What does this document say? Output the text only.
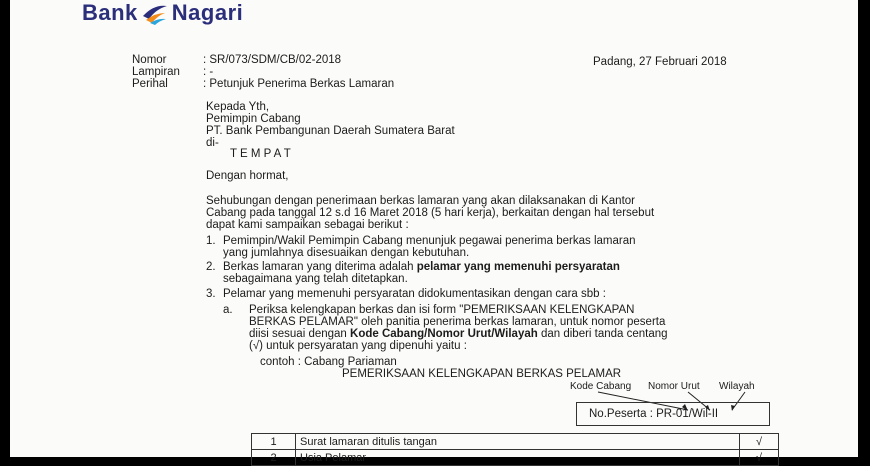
Bank Nagari
Nomor	: SR/073/SDM/CB/02-2018
Lampiran : -
Perihal	: Petunjuk Penerima Berkas Lamaran
Padang, 27 Februari 2018
Kepada Yth,
Pemimpin Cabang
PT. Bank Pembangunan Daerah Sumatera Barat
di-
T E M P A T
Dengan hormat,
Sehubungan dengan penerimaan berkas lamaran yang akan dilaksanakan di Kantor
Cabang pada tanggal 12 s.d 16 Maret 2018 (5 hari kerja), berkaitan dengan hal tersebut
dapat kami sampaikan sebagai berikut :
1. Pemimpin/Wakil Pemimpin Cabang menunjuk pegawai penerima berkas lamaran
yang jumlahnya disesuaikan dengan kebutuhan.
2. Berkas lamaran yang diterima adalah pelamar yang memenuhi persyaratan
sebagaimana yang telah ditetapkan.
3. Pelamar yang memenuhi persyaratan didokumentasikan dengan cara sbb :
a. Periksa kelengkapan berkas dan isi form "PEMERIKSAAN KELENGKAPAN
BERKAS PELAMAR" oleh panitia penerima berkas lamaran, untuk nomor peserta
diisi sesuai dengan Kode Cabang/Nomor Urut/Wilayah dan diberi tanda centang
(√) untuk persyaratan yang dipenuhi yaitu :
contoh : Cabang Pariaman
PEMERIKSAAN KELENGKAPAN BERKAS PELAMAR
Kode Cabang Nomor Urut Wilayah
No.Peserta : PR-01/Wil-II
1	Surat lamaran ditulis tangan	√
2	Usia Pelamar	√
